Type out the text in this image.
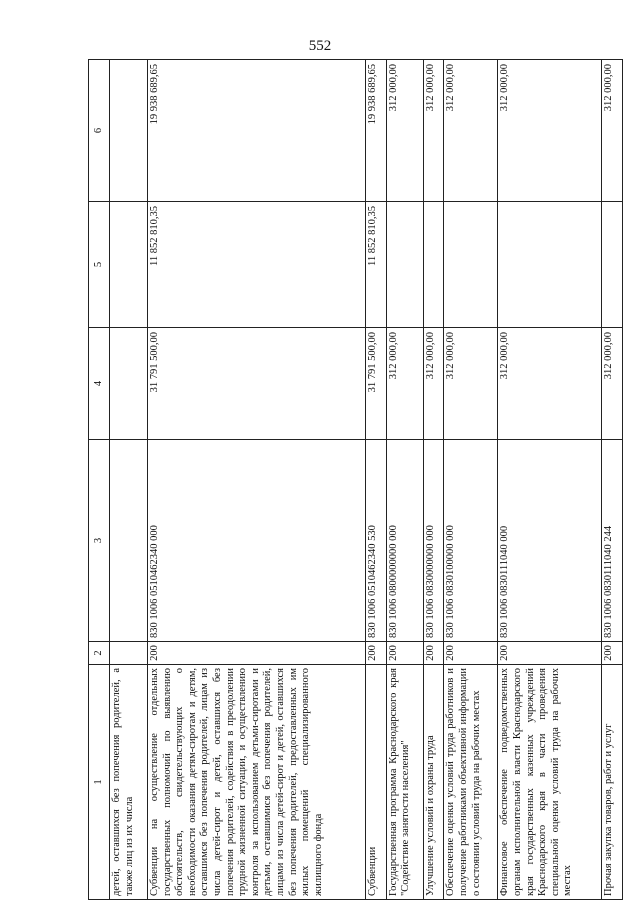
552
1	2	3	4	5	6
детей, оставшихся без попечения родителей, а также лиц из их числа					
Субвенции на осуществление отдельных государственных полномочий по выявлению обстоятельств, свидетельствующих о необходимости оказания детям-сиротам и детям, оставшимся без попечения родителей, лицам из числа детей-сирот и детей, оставшихся без попечения родителей, содействия в преодолении трудной жизненной ситуации, и осуществлению контроля за использованием детьми-сиротами и детьми, оставшимися без попечения родителей, лицами из числа детей-сирот и детей, оставшихся без попечения родителей, предоставленных им жилых помещений специализированного жилищного фонда	200	830 1006 0510462340 000	31 791 500,00	11 852 810,35	19 938 689,65
Субвенции	200	830 1006 0510462340 530	31 791 500,00	11 852 810,35	19 938 689,65
Государственная программа Краснодарского края "Содействие занятости населения"	200	830 1006 0800000000 000	312 000,00		312 000,00
Улучшение условий и охраны труда	200	830 1006 0830000000 000	312 000,00		312 000,00
Обеспечение оценки условий труда работников и получение работниками объективной информации о состоянии условий труда на рабочих местах	200	830 1006 0830100000 000	312 000,00		312 000,00
Финансовое обеспечение подведомственных органам исполнительной власти Краснодарского края государственных казенных учреждений Краснодарского края в части проведения специальной оценки условий труда на рабочих местах	200	830 1006 0830111040 000	312 000,00		312 000,00
Прочая закупка товаров, работ и услуг	200	830 1006 0830111040 244	312 000,00		312 000,00
